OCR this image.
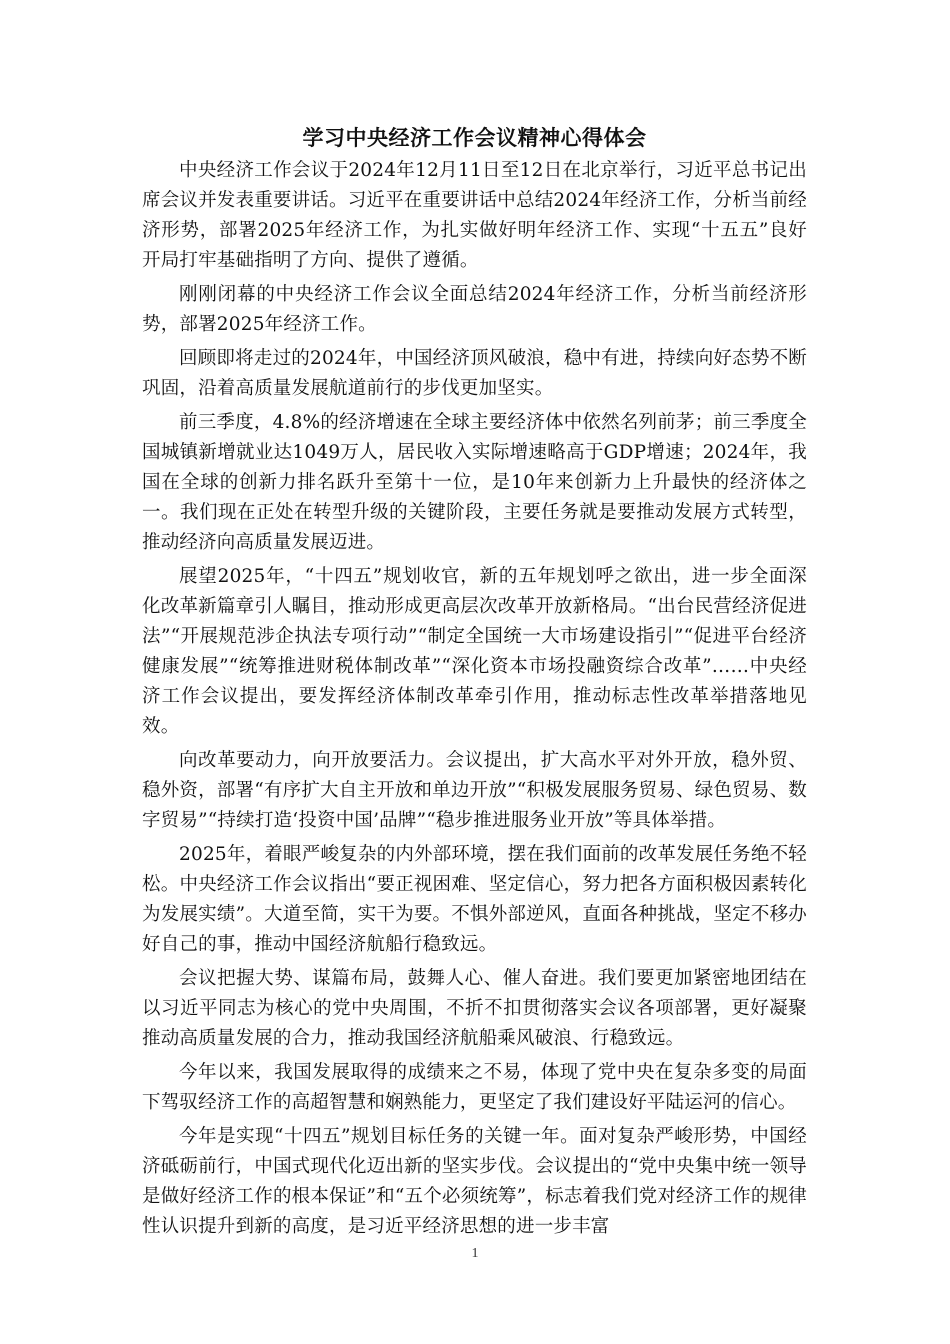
学习中央经济工作会议精神心得体会

中央经济工作会议于2024年12月11日至12日在北京举行，习近平总书记出席会议并发表重要讲话。习近平在重要讲话中总结2024年经济工作，分析当前经济形势，部署2025年经济工作，为扎实做好明年经济工作、实现“十五五”良好开局打牢基础指明了方向、提供了遵循。

刚刚闭幕的中央经济工作会议全面总结2024年经济工作，分析当前经济形势，部署2025年经济工作。

回顾即将走过的2024年，中国经济顶风破浪，稳中有进，持续向好态势不断巩固，沿着高质量发展航道前行的步伐更加坚实。

前三季度，4.8%的经济增速在全球主要经济体中依然名列前茅；前三季度全国城镇新增就业达1049万人，居民收入实际增速略高于GDP增速；2024年，我国在全球的创新力排名跃升至第十一位，是10年来创新力上升最快的经济体之一。我们现在正处在转型升级的关键阶段，主要任务就是要推动发展方式转型，推动经济向高质量发展迈进。

展望2025年，“十四五”规划收官，新的五年规划呼之欲出，进一步全面深化改革新篇章引人瞩目，推动形成更高层次改革开放新格局。“出台民营经济促进法”“开展规范涉企执法专项行动”“制定全国统一大市场建设指引”“促进平台经济健康发展”“统筹推进财税体制改革”“深化资本市场投融资综合改革”……中央经济工作会议提出，要发挥经济体制改革牵引作用，推动标志性改革举措落地见效。

向改革要动力，向开放要活力。会议提出，扩大高水平对外开放，稳外贸、稳外资，部署“有序扩大自主开放和单边开放”“积极发展服务贸易、绿色贸易、数字贸易”“持续打造‘投资中国’品牌”“稳步推进服务业开放”等具体举措。

2025年，着眼严峻复杂的内外部环境，摆在我们面前的改革发展任务绝不轻松。中央经济工作会议指出“要正视困难、坚定信心，努力把各方面积极因素转化为发展实绩”。大道至简，实干为要。不惧外部逆风，直面各种挑战，坚定不移办好自己的事，推动中国经济航船行稳致远。

会议把握大势、谋篇布局，鼓舞人心、催人奋进。我们要更加紧密地团结在以习近平同志为核心的党中央周围，不折不扣贯彻落实会议各项部署，更好凝聚推动高质量发展的合力，推动我国经济航船乘风破浪、行稳致远。

今年以来，我国发展取得的成绩来之不易，体现了党中央在复杂多变的局面下驾驭经济工作的高超智慧和娴熟能力，更坚定了我们建设好平陆运河的信心。

今年是实现“十四五”规划目标任务的关键一年。面对复杂严峻形势，中国经济砥砺前行，中国式现代化迈出新的坚实步伐。会议提出的“党中央集中统一领导是做好经济工作的根本保证”和“五个必须统筹”，标志着我们党对经济工作的规律性认识提升到新的高度，是习近平经济思想的进一步丰富

1
